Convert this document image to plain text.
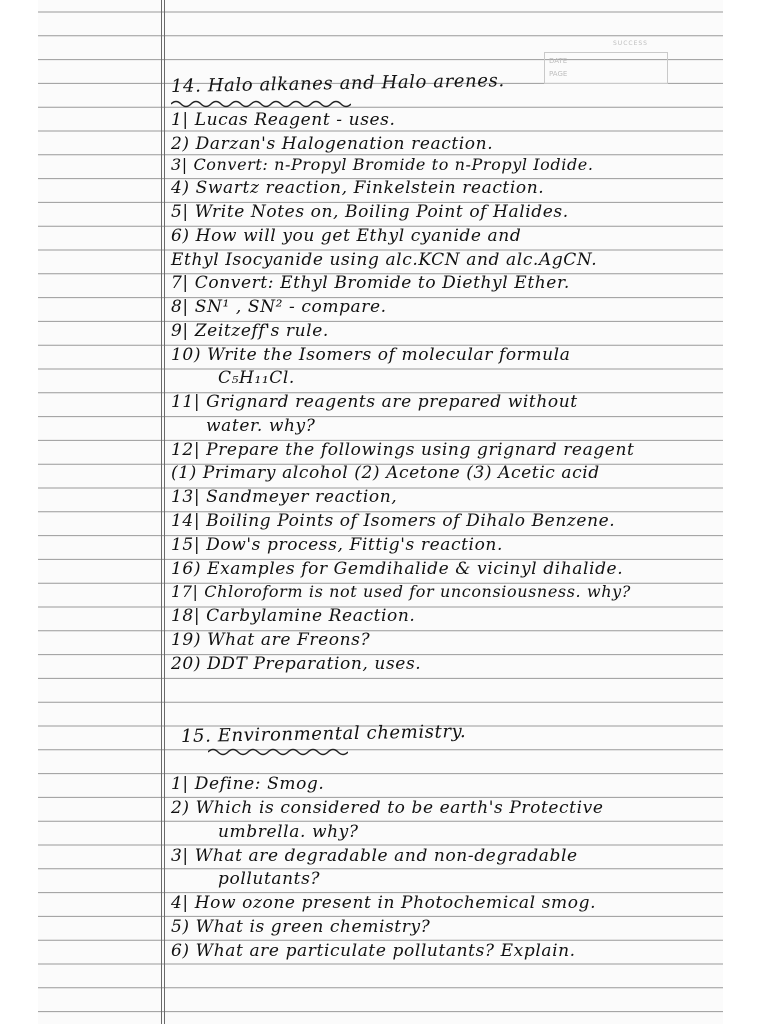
SUCCESS
DATE
PAGE
14. Halo alkanes and Halo arenes.
1| Lucas Reagent - uses.
2) Darzan's Halogenation reaction.
3| Convert: n-Propyl Bromide to n-Propyl Iodide.
4) Swartz reaction, Finkelstein reaction.
5| Write Notes on, Boiling Point of Halides.
6) How will you get Ethyl cyanide and
Ethyl Isocyanide using alc.KCN and alc.AgCN.
7| Convert: Ethyl Bromide to Diethyl Ether.
8| SN¹ , SN² - compare.
9| Zeitzeff's rule.
10) Write the Isomers of molecular formula
C₅H₁₁Cl.
11| Grignard reagents are prepared without
water. why?
12| Prepare the followings using grignard reagent
(1) Primary alcohol (2) Acetone (3) Acetic acid
13| Sandmeyer reaction,
14| Boiling Points of Isomers of Dihalo Benzene.
15| Dow's process, Fittig's reaction.
16) Examples for Gemdihalide & vicinyl dihalide.
17| Chloroform is not used for unconsiousness. why?
18| Carbylamine Reaction.
19) What are Freons?
20) DDT Preparation, uses.
15. Environmental chemistry.
1| Define: Smog.
2) Which is considered to be earth's Protective
umbrella. why?
3| What are degradable and non-degradable
pollutants?
4| How ozone present in Photochemical smog.
5) What is green chemistry?
6) What are particulate pollutants? Explain.
